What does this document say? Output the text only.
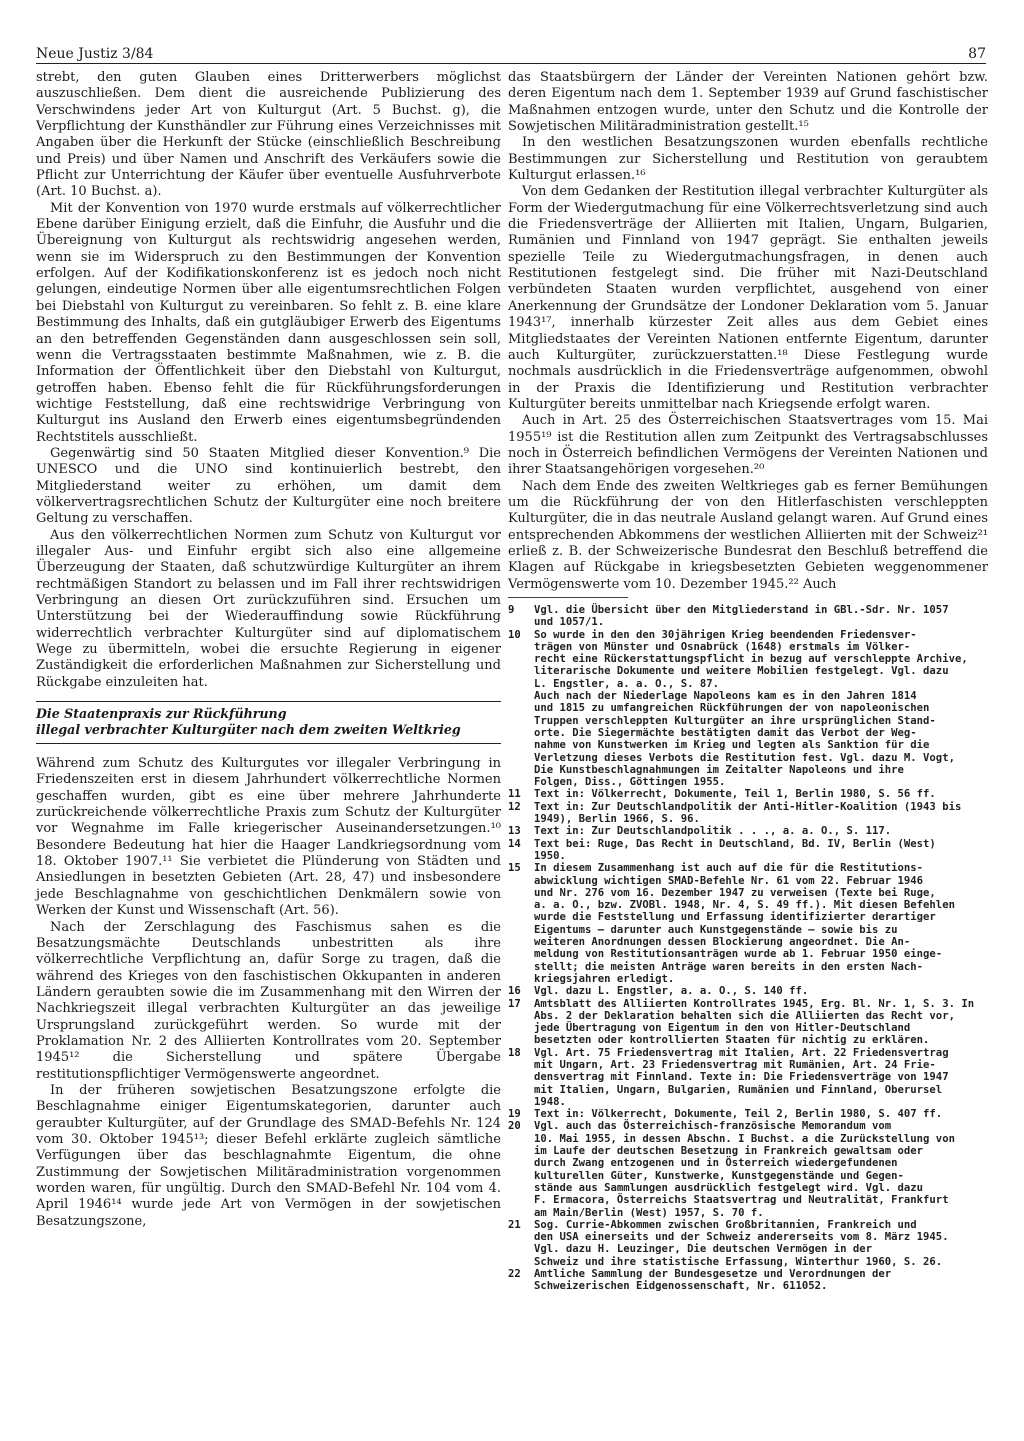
Neue Justiz 3/84	87

strebt, den guten Glauben eines Dritterwerbers möglichst auszuschließen. Dem dient die ausreichende Publizierung des Verschwindens jeder Art von Kulturgut (Art. 5 Buchst. g), die Verpflichtung der Kunsthändler zur Führung eines Verzeichnisses mit Angaben über die Herkunft der Stücke (einschließlich Beschreibung und Preis) und über Namen und Anschrift des Verkäufers sowie die Pflicht zur Unterrichtung der Käufer über eventuelle Ausfuhrverbote (Art. 10 Buchst. a).

Mit der Konvention von 1970 wurde erstmals auf völkerrechtlicher Ebene darüber Einigung erzielt, daß die Einfuhr, die Ausfuhr und die Übereignung von Kulturgut als rechtswidrig angesehen werden, wenn sie im Widerspruch zu den Bestimmungen der Konvention erfolgen. Auf der Kodifikationskonferenz ist es jedoch noch nicht gelungen, eindeutige Normen über alle eigentumsrechtlichen Folgen bei Diebstahl von Kulturgut zu vereinbaren. So fehlt z. B. eine klare Bestimmung des Inhalts, daß ein gutgläubiger Erwerb des Eigentums an den betreffenden Gegenständen dann ausgeschlossen sein soll, wenn die Vertragsstaaten bestimmte Maßnahmen, wie z. B. die Information der Öffentlichkeit über den Diebstahl von Kulturgut, getroffen haben. Ebenso fehlt die für Rückführungsforderungen wichtige Feststellung, daß eine rechtswidrige Verbringung von Kulturgut ins Ausland den Erwerb eines eigentumsbegründenden Rechtstitels ausschließt.

Gegenwärtig sind 50 Staaten Mitglied dieser Konvention.⁹ Die UNESCO und die UNO sind kontinuierlich bestrebt, den Mitgliederstand weiter zu erhöhen, um damit dem völkervertragsrechtlichen Schutz der Kulturgüter eine noch breitere Geltung zu verschaffen.

Aus den völkerrechtlichen Normen zum Schutz von Kulturgut vor illegaler Aus- und Einfuhr ergibt sich also eine allgemeine Überzeugung der Staaten, daß schutzwürdige Kulturgüter an ihrem rechtmäßigen Standort zu belassen und im Fall ihrer rechtswidrigen Verbringung an diesen Ort zurückzuführen sind. Ersuchen um Unterstützung bei der Wiederauffindung sowie Rückführung widerrechtlich verbrachter Kulturgüter sind auf diplomatischem Wege zu übermitteln, wobei die ersuchte Regierung in eigener Zuständigkeit die erforderlichen Maßnahmen zur Sicherstellung und Rückgabe einzuleiten hat.

Die Staatenpraxis zur Rückführung
illegal verbrachter Kulturgüter nach dem zweiten Weltkrieg

Während zum Schutz des Kulturgutes vor illegaler Verbringung in Friedenszeiten erst in diesem Jahrhundert völkerrechtliche Normen geschaffen wurden, gibt es eine über mehrere Jahrhunderte zurückreichende völkerrechtliche Praxis zum Schutz der Kulturgüter vor Wegnahme im Falle kriegerischer Auseinandersetzungen.¹⁰ Besondere Bedeutung hat hier die Haager Landkriegsordnung vom 18. Oktober 1907.¹¹ Sie verbietet die Plünderung von Städten und Ansiedlungen in besetzten Gebieten (Art. 28, 47) und insbesondere jede Beschlagnahme von geschichtlichen Denkmälern sowie von Werken der Kunst und Wissenschaft (Art. 56).

Nach der Zerschlagung des Faschismus sahen es die Besatzungsmächte Deutschlands unbestritten als ihre völkerrechtliche Verpflichtung an, dafür Sorge zu tragen, daß die während des Krieges von den faschistischen Okkupanten in anderen Ländern geraubten sowie die im Zusammenhang mit den Wirren der Nachkriegszeit illegal verbrachten Kulturgüter an das jeweilige Ursprungsland zurückgeführt werden. So wurde mit der Proklamation Nr. 2 des Alliierten Kontrollrates vom 20. September 1945¹² die Sicherstellung und spätere Übergabe restitutionspflichtiger Vermögenswerte angeordnet.

In der früheren sowjetischen Besatzungszone erfolgte die Beschlagnahme einiger Eigentumskategorien, darunter auch geraubter Kulturgüter, auf der Grundlage des SMAD-Befehls Nr. 124 vom 30. Oktober 1945¹³; dieser Befehl erklärte zugleich sämtliche Verfügungen über das beschlagnahmte Eigentum, die ohne Zustimmung der Sowjetischen Militäradministration vorgenommen worden waren, für ungültig. Durch den SMAD-Befehl Nr. 104 vom 4. April 1946¹⁴ wurde jede Art von Vermögen in der sowjetischen Besatzungszone,

das Staatsbürgern der Länder der Vereinten Nationen gehört bzw. deren Eigentum nach dem 1. September 1939 auf Grund faschistischer Maßnahmen entzogen wurde, unter den Schutz und die Kontrolle der Sowjetischen Militäradministration gestellt.¹⁵

In den westlichen Besatzungszonen wurden ebenfalls rechtliche Bestimmungen zur Sicherstellung und Restitution von geraubtem Kulturgut erlassen.¹⁶

Von dem Gedanken der Restitution illegal verbrachter Kulturgüter als Form der Wiedergutmachung für eine Völkerrechtsverletzung sind auch die Friedensverträge der Alliierten mit Italien, Ungarn, Bulgarien, Rumänien und Finnland von 1947 geprägt. Sie enthalten jeweils spezielle Teile zu Wiedergutmachungsfragen, in denen auch Restitutionen festgelegt sind. Die früher mit Nazi-Deutschland verbündeten Staaten wurden verpflichtet, ausgehend von einer Anerkennung der Grundsätze der Londoner Deklaration vom 5. Januar 1943¹⁷, innerhalb kürzester Zeit alles aus dem Gebiet eines Mitgliedstaates der Vereinten Nationen entfernte Eigentum, darunter auch Kulturgüter, zurückzuerstatten.¹⁸ Diese Festlegung wurde nochmals ausdrücklich in die Friedensverträge aufgenommen, obwohl in der Praxis die Identifizierung und Restitution verbrachter Kulturgüter bereits unmittelbar nach Kriegsende erfolgt waren.

Auch in Art. 25 des Österreichischen Staatsvertrages vom 15. Mai 1955¹⁹ ist die Restitution allen zum Zeitpunkt des Vertragsabschlusses noch in Österreich befindlichen Vermögens der Vereinten Nationen und ihrer Staatsangehörigen vorgesehen.²⁰

Nach dem Ende des zweiten Weltkrieges gab es ferner Bemühungen um die Rückführung der von den Hitlerfaschisten verschleppten Kulturgüter, die in das neutrale Ausland gelangt waren. Auf Grund eines entsprechenden Abkommens der westlichen Alliierten mit der Schweiz²¹ erließ z. B. der Schweizerische Bundesrat den Beschluß betreffend die Klagen auf Rückgabe in kriegsbesetzten Gebieten weggenommener Vermögenswerte vom 10. Dezember 1945.²² Auch

9	Vgl. die Übersicht über den Mitgliederstand in GBl.-Sdr. Nr. 1057
und 1057/1.
10	So wurde in den den 30jährigen Krieg beendenden Friedensver-
trägen von Münster und Osnabrück (1648) erstmals im Völker-
recht eine Rückerstattungspflicht in bezug auf verschleppte Archive,
literarische Dokumente und weitere Mobilien festgelegt. Vgl. dazu
L. Engstler, a. a. O., S. 87.
Auch nach der Niederlage Napoleons kam es in den Jahren 1814
und 1815 zu umfangreichen Rückführungen der von napoleonischen
Truppen verschleppten Kulturgüter an ihre ursprünglichen Stand-
orte. Die Siegermächte bestätigten damit das Verbot der Weg-
nahme von Kunstwerken im Krieg und legten als Sanktion für die
Verletzung dieses Verbots die Restitution fest. Vgl. dazu M. Vogt,
Die Kunstbeschlagnahmungen im Zeitalter Napoleons und ihre
Folgen, Diss., Göttingen 1955.
11	Text in: Völkerrecht, Dokumente, Teil 1, Berlin 1980, S. 56 ff.
12	Text in: Zur Deutschlandpolitik der Anti-Hitler-Koalition (1943 bis
1949), Berlin 1966, S. 96.
13	Text in: Zur Deutschlandpolitik . . ., a. a. O., S. 117.
14	Text bei: Ruge, Das Recht in Deutschland, Bd. IV, Berlin (West)
1950.
15	In diesem Zusammenhang ist auch auf die für die Restitutions-
abwicklung wichtigen SMAD-Befehle Nr. 61 vom 22. Februar 1946
und Nr. 276 vom 16. Dezember 1947 zu verweisen (Texte bei Ruge,
a. a. O., bzw. ZVOBl. 1948, Nr. 4, S. 49 ff.). Mit diesen Befehlen
wurde die Feststellung und Erfassung identifizierter derartiger
Eigentums – darunter auch Kunstgegenstände – sowie bis zu
weiteren Anordnungen dessen Blockierung angeordnet. Die An-
meldung von Restitutionsanträgen wurde ab 1. Februar 1950 einge-
stellt; die meisten Anträge waren bereits in den ersten Nach-
kriegsjahren erledigt.
16	Vgl. dazu L. Engstler, a. a. O., S. 140 ff.
17	Amtsblatt des Alliierten Kontrollrates 1945, Erg. Bl. Nr. 1, S. 3. In
Abs. 2 der Deklaration behalten sich die Alliierten das Recht vor,
jede Übertragung von Eigentum in den von Hitler-Deutschland
besetzten oder kontrollierten Staaten für nichtig zu erklären.
18	Vgl. Art. 75 Friedensvertrag mit Italien, Art. 22 Friedensvertrag
mit Ungarn, Art. 23 Friedensvertrag mit Rumänien, Art. 24 Frie-
densvertrag mit Finnland. Texte in: Die Friedensverträge von 1947
mit Italien, Ungarn, Bulgarien, Rumänien und Finnland, Oberursel
1948.
19	Text in: Völkerrecht, Dokumente, Teil 2, Berlin 1980, S. 407 ff.
20	Vgl. auch das Österreichisch-französische Memorandum vom
10. Mai 1955, in dessen Abschn. I Buchst. a die Zurückstellung von
im Laufe der deutschen Besetzung in Frankreich gewaltsam oder
durch Zwang entzogenen und in Österreich wiedergefundenen
kulturellen Güter, Kunstwerke, Kunstgegenstände und Gegen-
stände aus Sammlungen ausdrücklich festgelegt wird. Vgl. dazu
F. Ermacora, Österreichs Staatsvertrag und Neutralität, Frankfurt
am Main/Berlin (West) 1957, S. 70 f.
21	Sog. Currie-Abkommen zwischen Großbritannien, Frankreich und
den USA einerseits und der Schweiz andererseits vom 8. März 1945.
Vgl. dazu H. Leuzinger, Die deutschen Vermögen in der
Schweiz und ihre statistische Erfassung, Winterthur 1960, S. 26.
22	Amtliche Sammlung der Bundesgesetze und Verordnungen der
Schweizerischen Eidgenossenschaft, Nr. 611052.
